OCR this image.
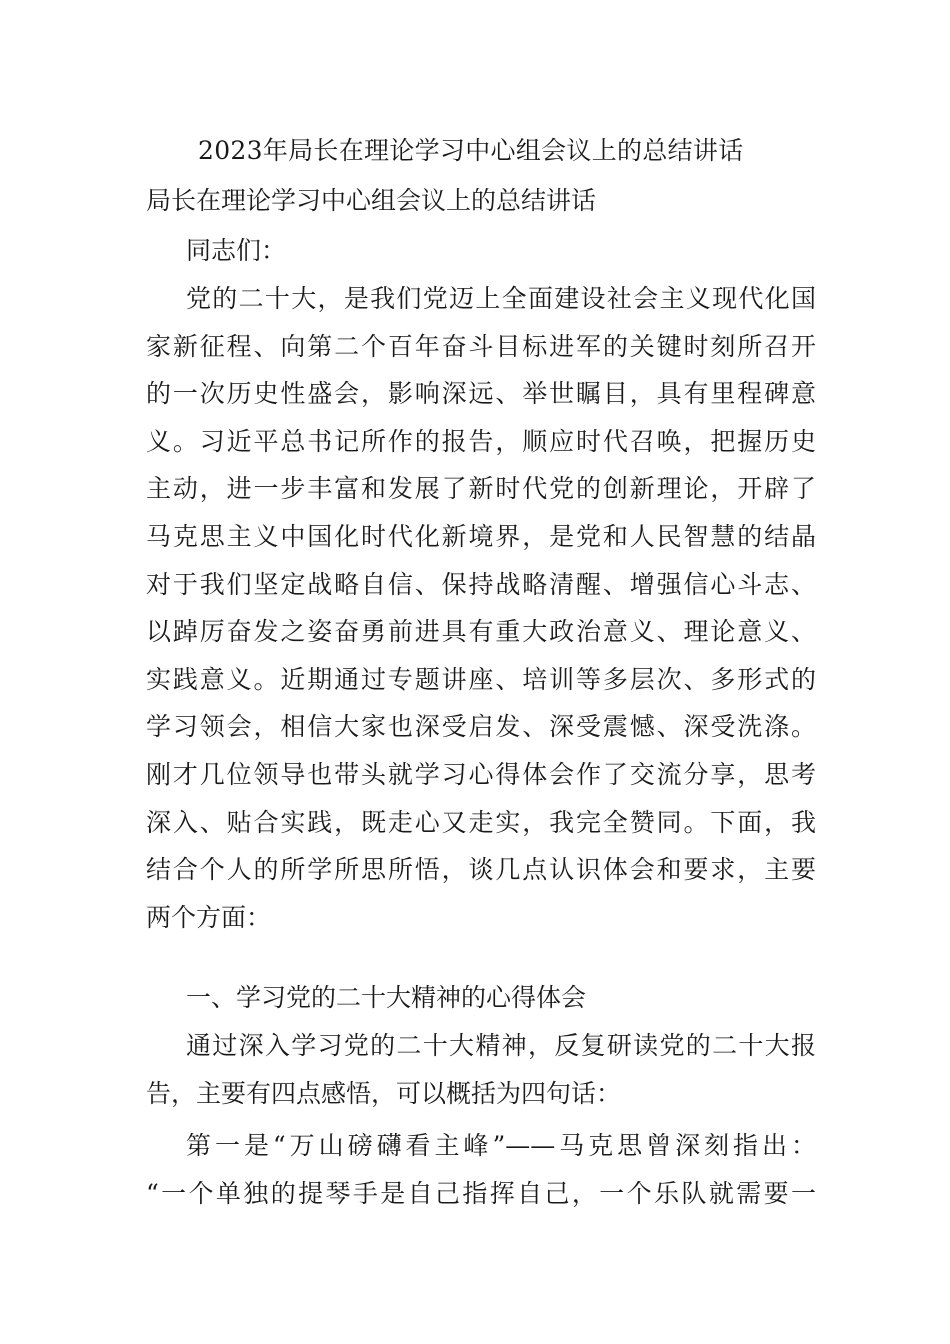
2023年局长在理论学习中心组会议上的总结讲话
局长在理论学习中心组会议上的总结讲话
同志们：
党的二十大，是我们党迈上全面建设社会主义现代化国
家新征程、向第二个百年奋斗目标进军的关键时刻所召开
的一次历史性盛会，影响深远、举世瞩目，具有里程碑意
义。习近平总书记所作的报告，顺应时代召唤，把握历史
主动，进一步丰富和发展了新时代党的创新理论，开辟了
马克思主义中国化时代化新境界，是党和人民智慧的结晶
对于我们坚定战略自信、保持战略清醒、增强信心斗志、
以踔厉奋发之姿奋勇前进具有重大政治意义、理论意义、
实践意义。近期通过专题讲座、培训等多层次、多形式的
学习领会，相信大家也深受启发、深受震憾、深受洗涤。
刚才几位领导也带头就学习心得体会作了交流分享，思考
深入、贴合实践，既走心又走实，我完全赞同。下面，我
结合个人的所学所思所悟，谈几点认识体会和要求，主要
两个方面：
一、学习党的二十大精神的心得体会
通过深入学习党的二十大精神，反复研读党的二十大报
告，主要有四点感悟，可以概括为四句话：
第一是“万山磅礴看主峰”——马克思曾深刻指出：
“一个单独的提琴手是自己指挥自己，一个乐队就需要一
